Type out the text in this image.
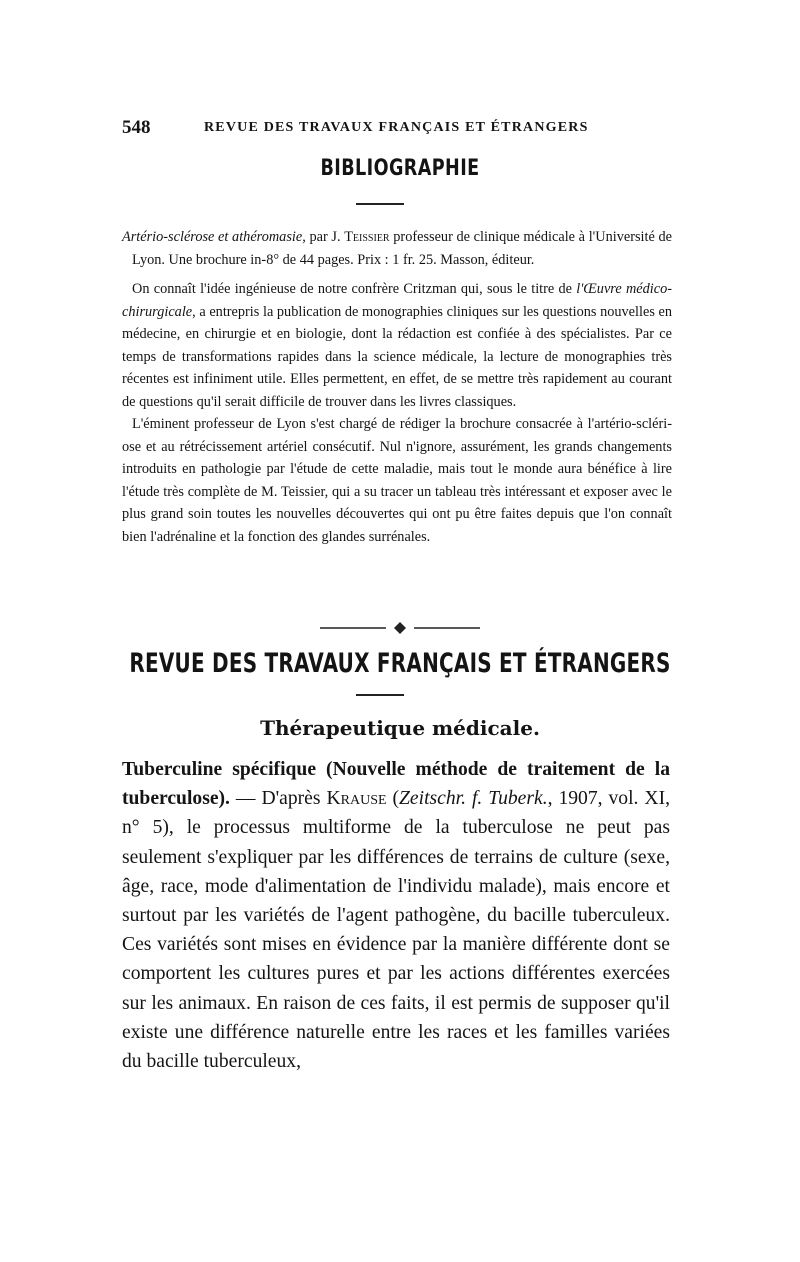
548	REVUE DES TRAVAUX FRANÇAIS ET ÉTRANGERS
BIBLIOGRAPHIE

Artério-sclérose et athéromasie, par J. Teissier professeur de clinique médicale à l'Université de Lyon. Une brochure in-8° de 44 pages. Prix : 1 fr. 25. Masson, éditeur.

On connaît l'idée ingénieuse de notre confrère Critzman qui, sous le titre de l'Œuvre médico-chirurgicale, a entrepris la publication de monographies cliniques sur les questions nouvelles en médecine, en chirurgie et en biologie, dont la rédaction est confiée à des spécialistes. Par ce temps de transformations rapides dans la science médicale, la lecture de monographies très récentes est infiniment utile. Elles permettent, en effet, de se mettre très rapidement au courant de questions qu'il serait difficile de trouver dans les livres classiques.

L'éminent professeur de Lyon s'est chargé de rédiger la brochure consacrée à l'artério-sclériose et au rétrécissement artériel consécutif. Nul n'ignore, assurément, les grands changements introduits en pathologie par l'étude de cette maladie, mais tout le monde aura bénéfice à lire l'étude très complète de M. Teissier, qui a su tracer un tableau très intéressant et exposer avec le plus grand soin toutes les nouvelles découvertes qui ont pu être faites depuis que l'on connaît bien l'adrénaline et la fonction des glandes surrénales.

REVUE DES TRAVAUX FRANÇAIS ET ÉTRANGERS
Thérapeutique médicale.

Tuberculine spécifique (Nouvelle méthode de traitement de la tuberculose). — D'après Krause (Zeitschr. f. Tuberk., 1907, vol. XI, n° 5), le processus multiforme de la tuberculose ne peut pas seulement s'expliquer par les différences de terrains de culture (sexe, âge, race, mode d'alimentation de l'individu malade), mais encore et surtout par les variétés de l'agent pathogène, du bacille tuberculeux. Ces variétés sont mises en évidence par la manière différente dont se comportent les cultures pures et par les actions différentes exercées sur les animaux. En raison de ces faits, il est permis de supposer qu'il existe une différence naturelle entre les races et les familles variées du bacille tuberculeux,
